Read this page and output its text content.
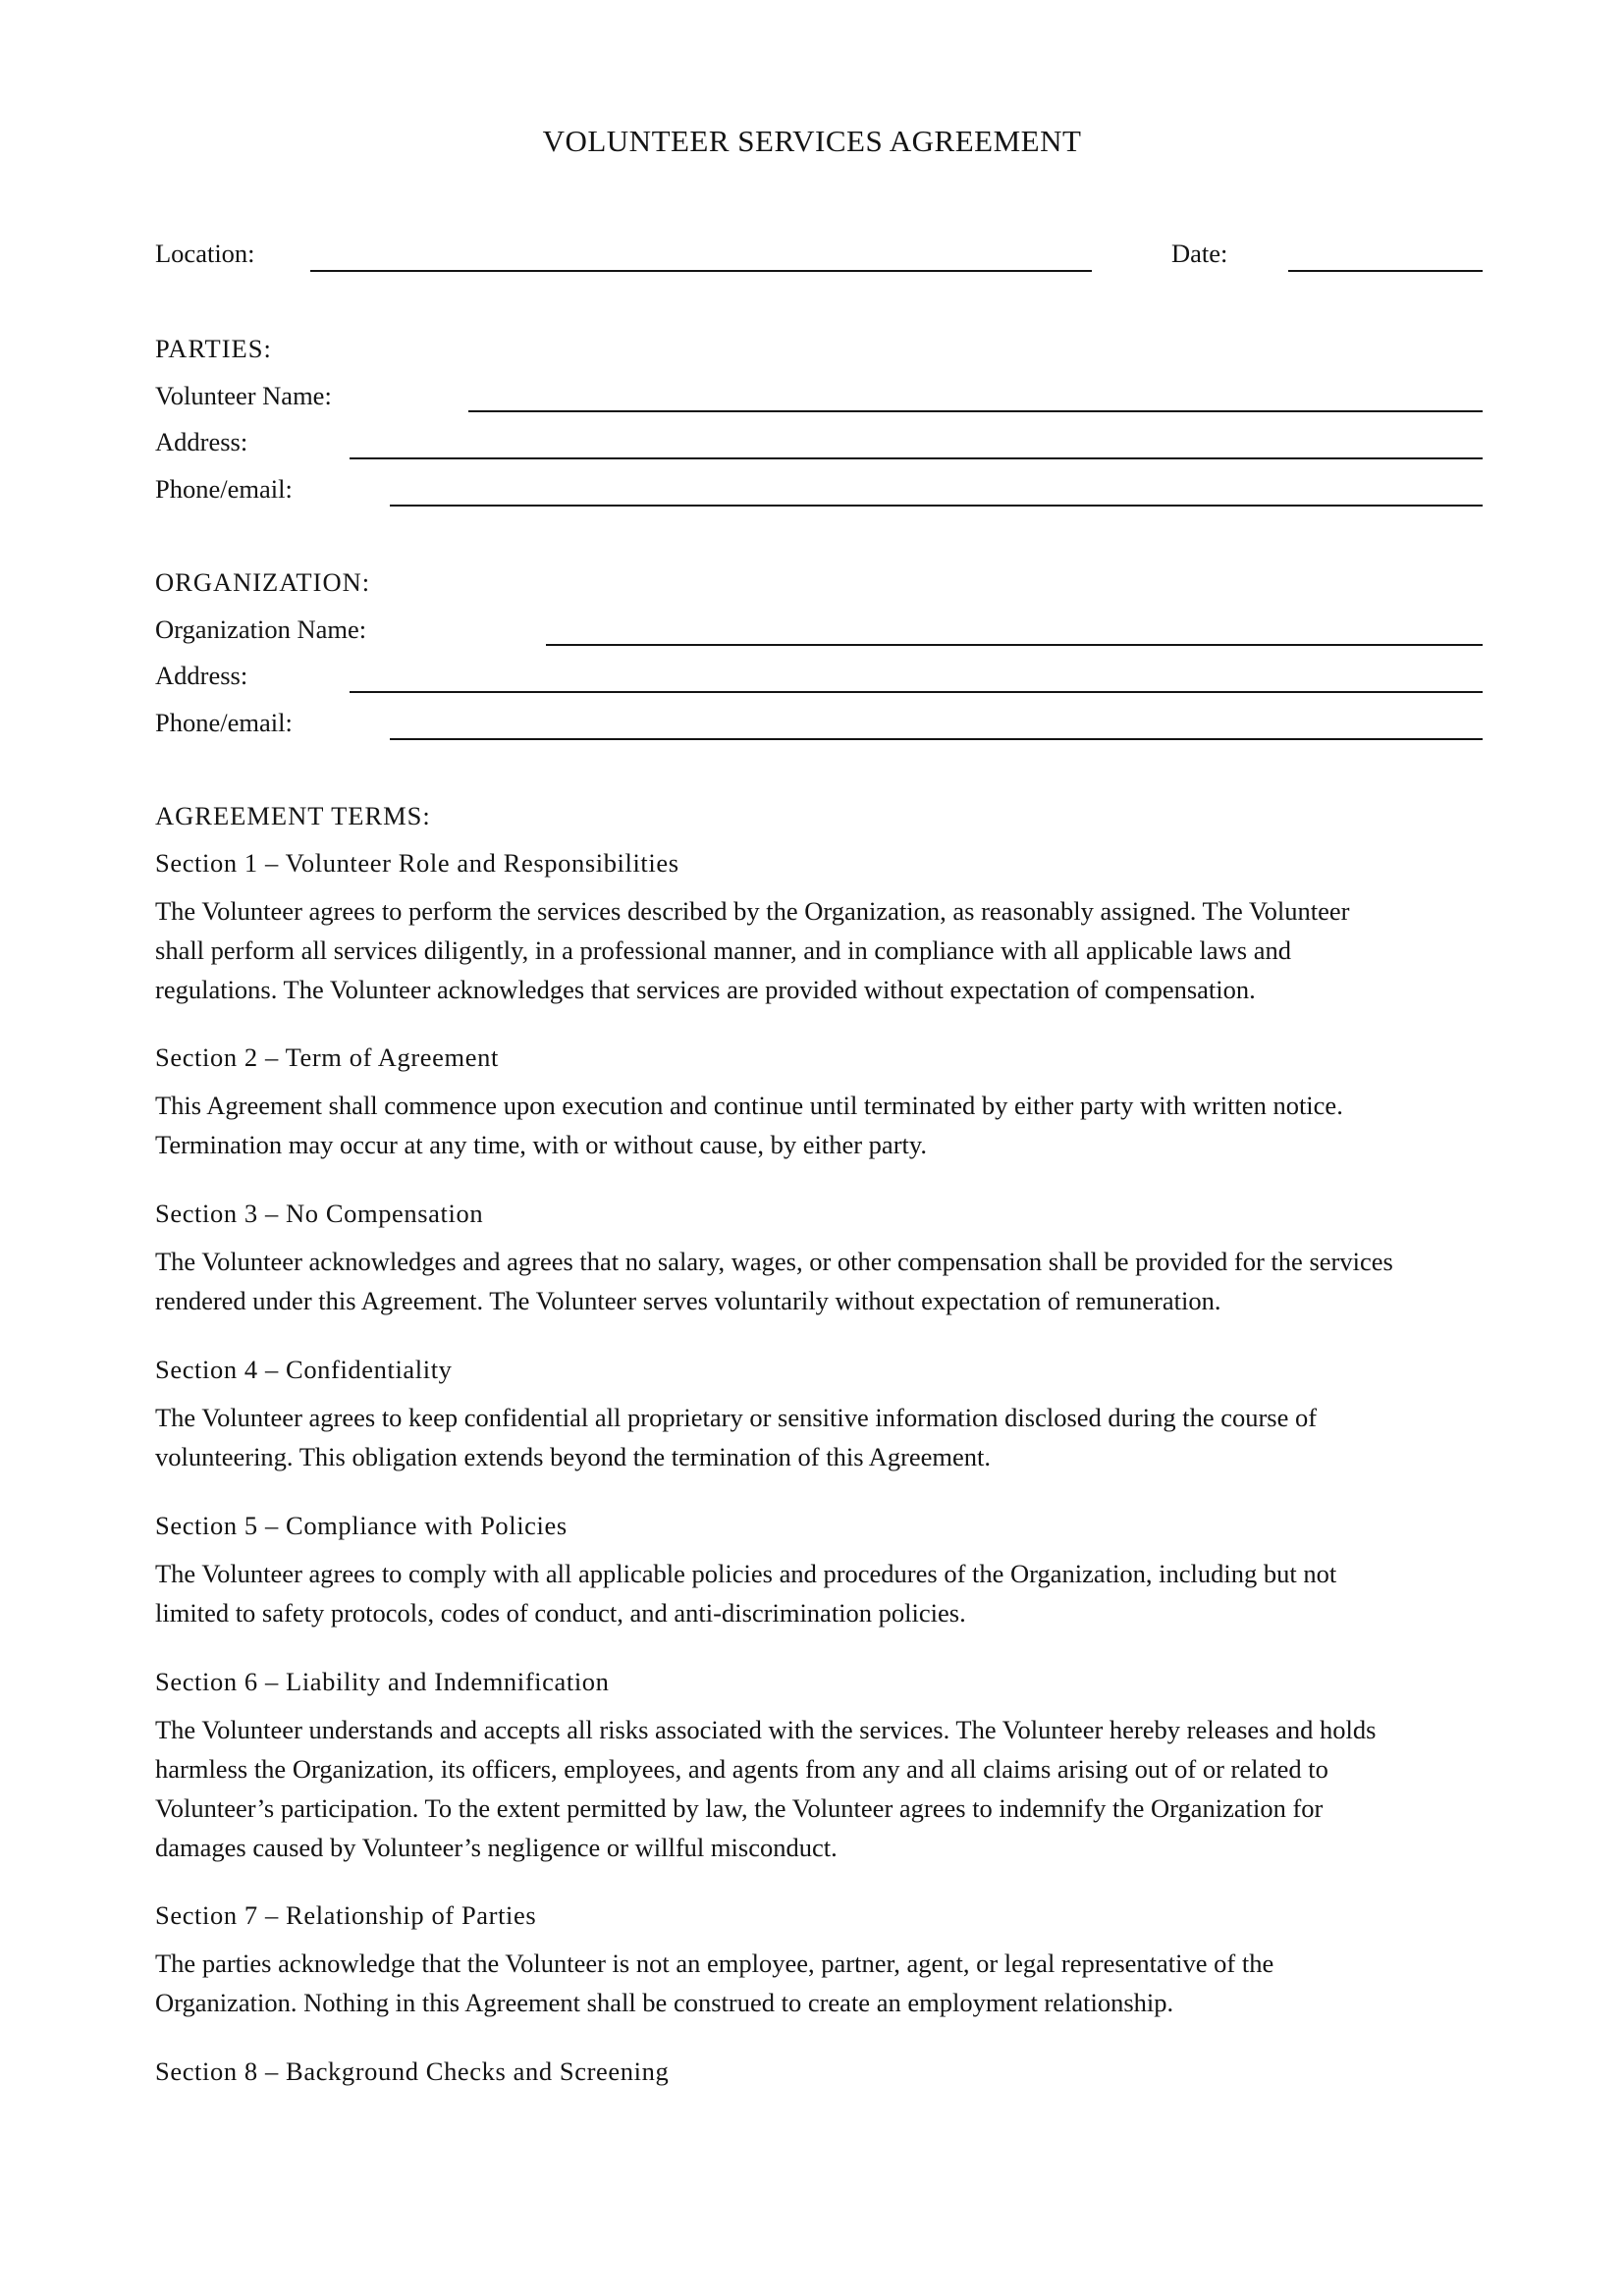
VOLUNTEER SERVICES AGREEMENT
Location:	Date:
PARTIES:
Volunteer Name:
Address:
Phone/email:
ORGANIZATION:
Organization Name:
Address:
Phone/email:
AGREEMENT TERMS:
Section 1 – Volunteer Role and Responsibilities
The Volunteer agrees to perform the services described by the Organization, as reasonably assigned. The Volunteer
shall perform all services diligently, in a professional manner, and in compliance with all applicable laws and
regulations. The Volunteer acknowledges that services are provided without expectation of compensation.
Section 2 – Term of Agreement
This Agreement shall commence upon execution and continue until terminated by either party with written notice.
Termination may occur at any time, with or without cause, by either party.
Section 3 – No Compensation
The Volunteer acknowledges and agrees that no salary, wages, or other compensation shall be provided for the services
rendered under this Agreement. The Volunteer serves voluntarily without expectation of remuneration.
Section 4 – Confidentiality
The Volunteer agrees to keep confidential all proprietary or sensitive information disclosed during the course of
volunteering. This obligation extends beyond the termination of this Agreement.
Section 5 – Compliance with Policies
The Volunteer agrees to comply with all applicable policies and procedures of the Organization, including but not
limited to safety protocols, codes of conduct, and anti-discrimination policies.
Section 6 – Liability and Indemnification
The Volunteer understands and accepts all risks associated with the services. The Volunteer hereby releases and holds
harmless the Organization, its officers, employees, and agents from any and all claims arising out of or related to
Volunteer’s participation. To the extent permitted by law, the Volunteer agrees to indemnify the Organization for
damages caused by Volunteer’s negligence or willful misconduct.
Section 7 – Relationship of Parties
The parties acknowledge that the Volunteer is not an employee, partner, agent, or legal representative of the
Organization. Nothing in this Agreement shall be construed to create an employment relationship.
Section 8 – Background Checks and Screening
